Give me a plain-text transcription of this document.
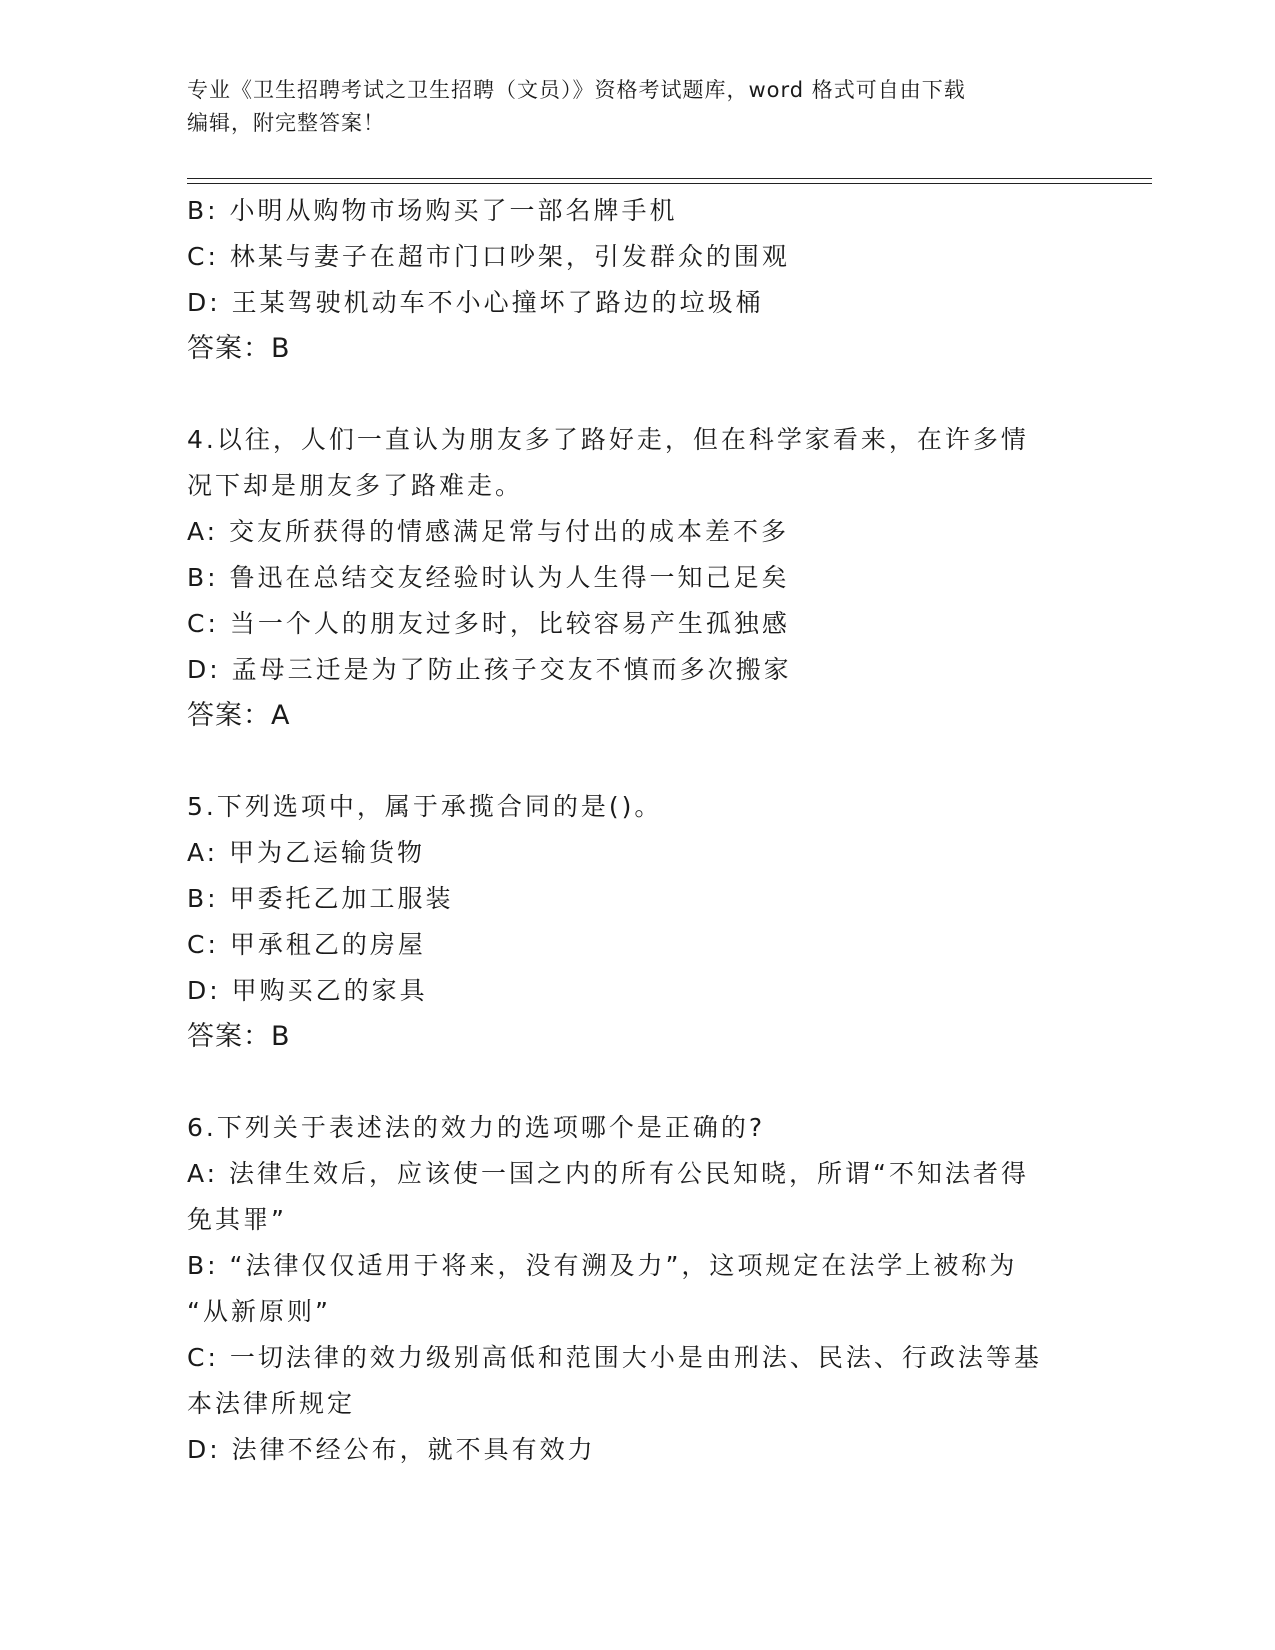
专业《卫生招聘考试之卫生招聘（文员）》资格考试题库，word 格式可自由下载
编辑，附完整答案！
B: 小明从购物市场购买了一部名牌手机
C: 林某与妻子在超市门口吵架，引发群众的围观
D: 王某驾驶机动车不小心撞坏了路边的垃圾桶
答案：B
4.以往，人们一直认为朋友多了路好走，但在科学家看来，在许多情
况下却是朋友多了路难走。
A: 交友所获得的情感满足常与付出的成本差不多
B: 鲁迅在总结交友经验时认为人生得一知己足矣
C: 当一个人的朋友过多时，比较容易产生孤独感
D: 孟母三迁是为了防止孩子交友不慎而多次搬家
答案：A
5.下列选项中，属于承揽合同的是()。
A: 甲为乙运输货物
B: 甲委托乙加工服装
C: 甲承租乙的房屋
D: 甲购买乙的家具
答案：B
6.下列关于表述法的效力的选项哪个是正确的?
A: 法律生效后，应该使一国之内的所有公民知晓，所谓“不知法者得
免其罪”
B: “法律仅仅适用于将来，没有溯及力”，这项规定在法学上被称为
“从新原则”
C: 一切法律的效力级别高低和范围大小是由刑法、民法、行政法等基
本法律所规定
D: 法律不经公布，就不具有效力
